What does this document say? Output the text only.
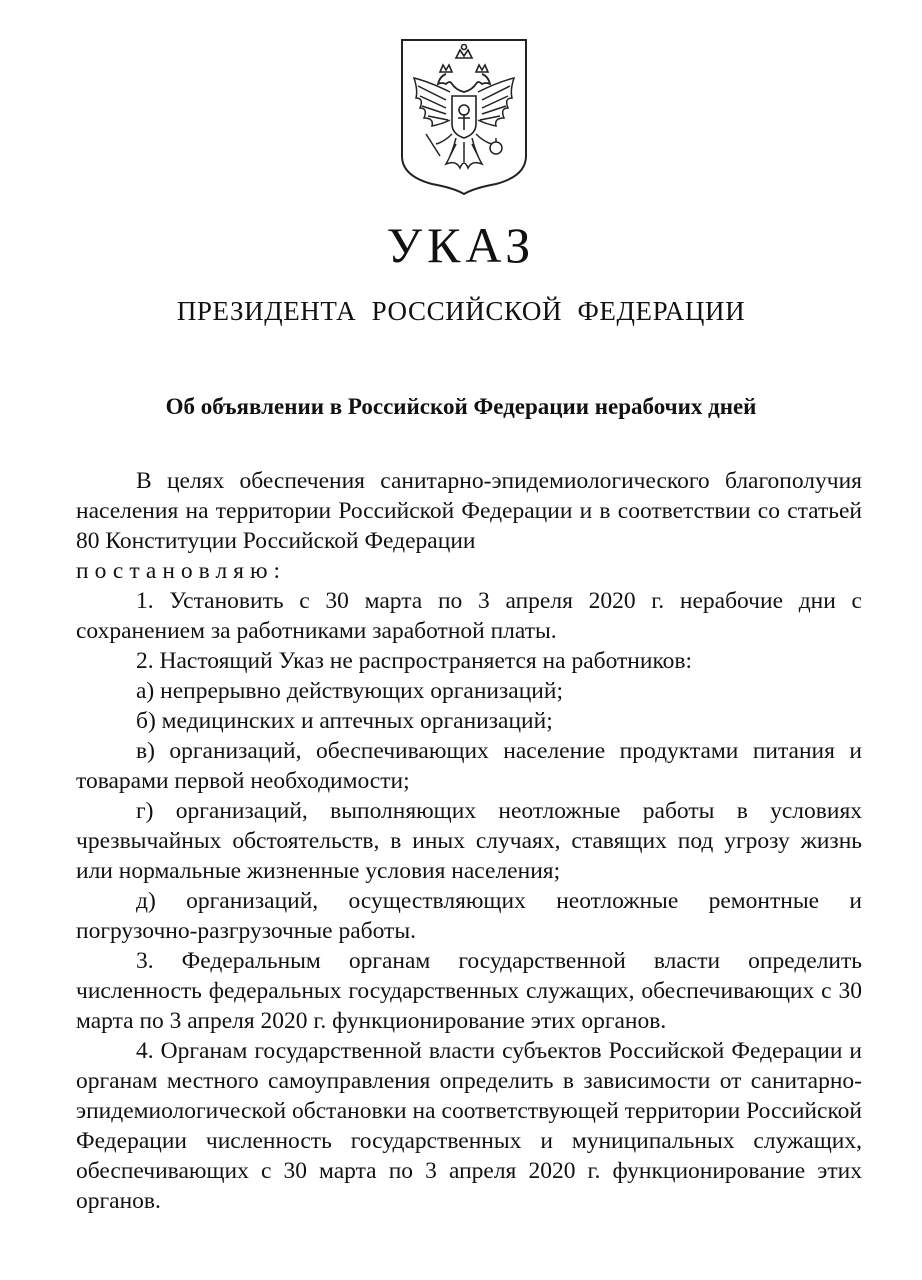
УКАЗ
ПРЕЗИДЕНТА РОССИЙСКОЙ ФЕДЕРАЦИИ
Об объявлении в Российской Федерации нерабочих дней

В целях обеспечения санитарно-эпидемиологического благополучия населения на территории Российской Федерации и в соответствии со статьей 80 Конституции Российской Федерации

постановляю:

1. Установить с 30 марта по 3 апреля 2020 г. нерабочие дни с сохранением за работниками заработной платы.

2. Настоящий Указ не распространяется на работников:

а) непрерывно действующих организаций;

б) медицинских и аптечных организаций;

в) организаций, обеспечивающих население продуктами питания и товарами первой необходимости;

г) организаций, выполняющих неотложные работы в условиях чрезвычайных обстоятельств, в иных случаях, ставящих под угрозу жизнь или нормальные жизненные условия населения;

д) организаций, осуществляющих неотложные ремонтные и погрузочно-разгрузочные работы.

3. Федеральным органам государственной власти определить численность федеральных государственных служащих, обеспечивающих с 30 марта по 3 апреля 2020 г. функционирование этих органов.

4. Органам государственной власти субъектов Российской Федерации и органам местного самоуправления определить в зависимости от санитарно-эпидемиологической обстановки на соответствующей территории Российской Федерации численность государственных и муниципальных служащих, обеспечивающих с 30 марта по 3 апреля 2020 г. функционирование этих органов.
